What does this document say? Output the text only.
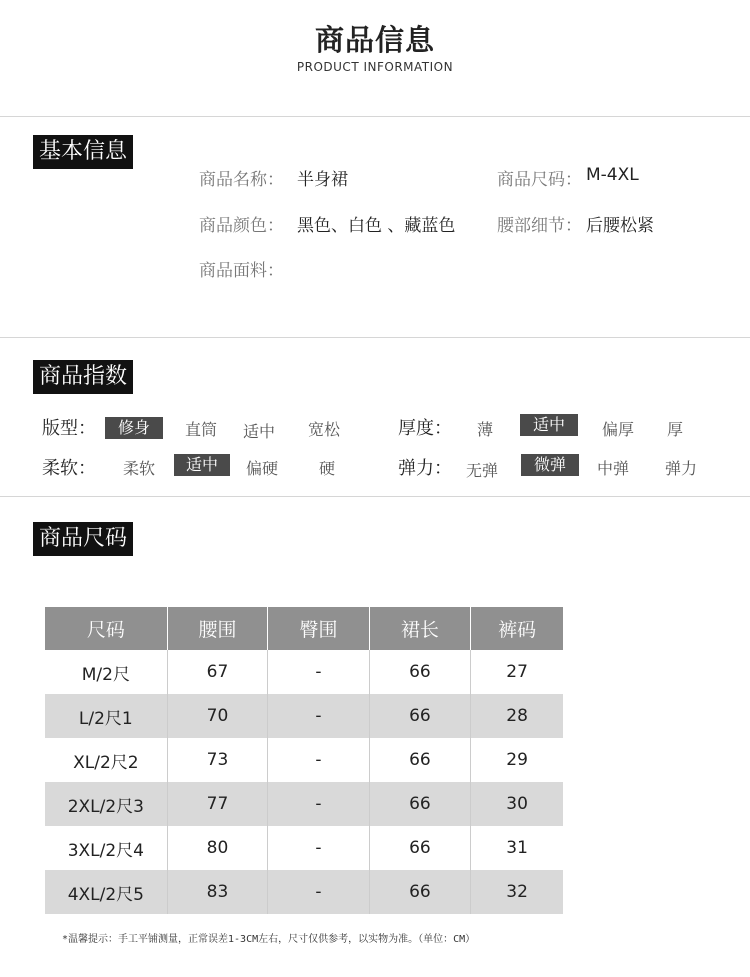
商品信息
PRODUCT INFORMATION
基本信息
商品名称： 半身裙	商品尺码： M-4XL
商品颜色： 黑色、白色 、藏蓝色 腰部细节： 后腰松紧
商品面料：
商品指数
版型：	修身	直筒	适中	宽松	厚度：	薄	适中	偏厚	厚
柔软：	柔软	适中	偏硬	硬	弹力： 无弹	微弹	中弹	弹力
商品尺码
尺码	腰围	臀围	裙长	裤码
M/2尺	67	-	66	27
L/2尺1	70	-	66	28
XL/2尺2	73	-	66	29
2XL/2尺3	77	-	66	30
3XL/2尺4	80	-	66	31
4XL/2尺5	83	-	66	32
*温馨提示：手工平铺测量，正常误差1-3CM左右，尺寸仅供参考，以实物为准。（单位：CM）
